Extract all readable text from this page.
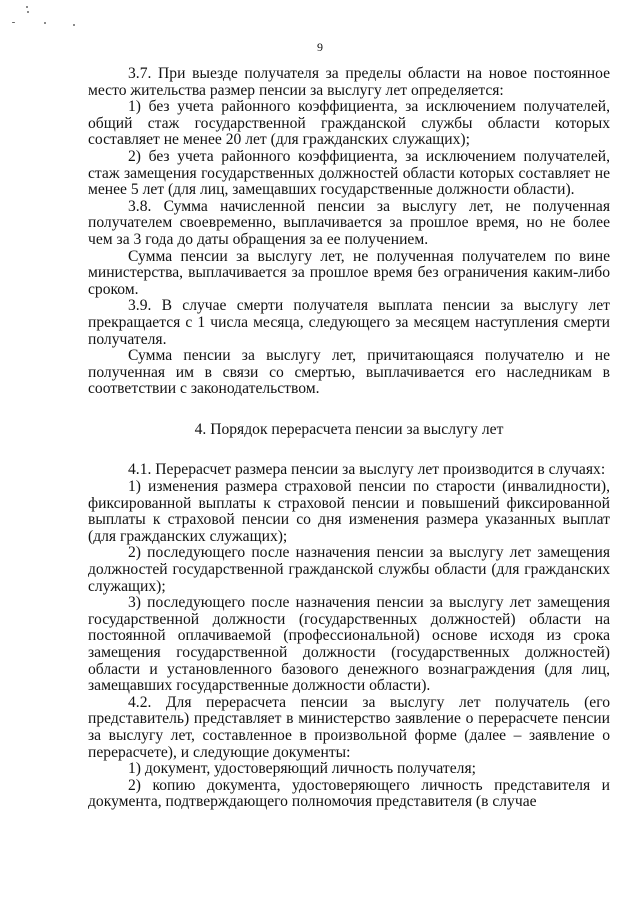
9

3.7. При выезде получателя за пределы области на новое постоянное место жительства размер пенсии за выслугу лет определяется:

1) без учета районного коэффициента, за исключением получателей, общий стаж государственной гражданской службы области которых составляет не менее 20 лет (для гражданских служащих);

2) без учета районного коэффициента, за исключением получателей, стаж замещения государственных должностей области которых составляет не менее 5 лет (для лиц, замещавших государственные должности области).

3.8. Сумма начисленной пенсии за выслугу лет, не полученная получателем своевременно, выплачивается за прошлое время, но не более чем за 3 года до даты обращения за ее получением.

Сумма пенсии за выслугу лет, не полученная получателем по вине министерства, выплачивается за прошлое время без ограничения каким-либо сроком.

3.9. В случае смерти получателя выплата пенсии за выслугу лет прекращается с 1 числа месяца, следующего за месяцем наступления смерти получателя.

Сумма пенсии за выслугу лет, причитающаяся получателю и не полученная им в связи со смертью, выплачивается его наследникам в соответствии с законодательством.

4. Порядок перерасчета пенсии за выслугу лет

4.1. Перерасчет размера пенсии за выслугу лет производится в случаях:

1) изменения размера страховой пенсии по старости (инвалидности), фиксированной выплаты к страховой пенсии и повышений фиксированной выплаты к страховой пенсии со дня изменения размера указанных выплат (для гражданских служащих);

2) последующего после назначения пенсии за выслугу лет замещения должностей государственной гражданской службы области (для гражданских служащих);

3) последующего после назначения пенсии за выслугу лет замещения государственной должности (государственных должностей) области на постоянной оплачиваемой (профессиональной) основе исходя из срока замещения государственной должности (государственных должностей) области и установленного базового денежного вознаграждения (для лиц, замещавших государственные должности области).

4.2. Для перерасчета пенсии за выслугу лет получатель (его представитель) представляет в министерство заявление о перерасчете пенсии за выслугу лет, составленное в произвольной форме (далее – заявление о перерасчете), и следующие документы:

1) документ, удостоверяющий личность получателя;

2) копию документа, удостоверяющего личность представителя и документа, подтверждающего полномочия представителя (в случае
